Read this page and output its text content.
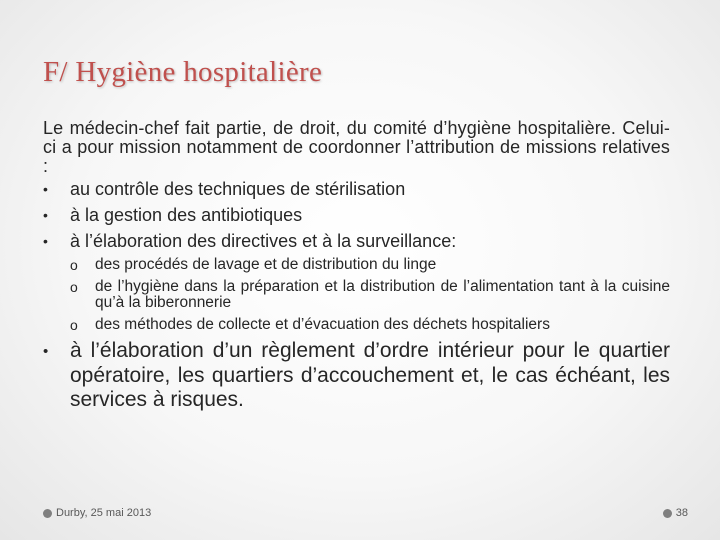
F/ Hygiène hospitalière

Le médecin-chef fait partie, de droit, du comité d’hygiène hospitalière. Celui-ci a pour mission notamment de coordonner l’attribution de missions relatives :

• au contrôle des techniques de stérilisation
• à la gestion des antibiotiques
• à l’élaboration des directives et à la surveillance:
o des procédés de lavage et de distribution du linge
o de l’hygiène dans la préparation et la distribution de l’alimentation tant à la cuisine qu’à la biberonnerie
o des méthodes de collecte et d’évacuation des déchets hospitaliers
• à l’élaboration d’un règlement d’ordre intérieur pour le quartier opératoire, les quartiers d’accouchement et, le cas échéant, les services à risques.
Durby, 25 mai 2013	38
